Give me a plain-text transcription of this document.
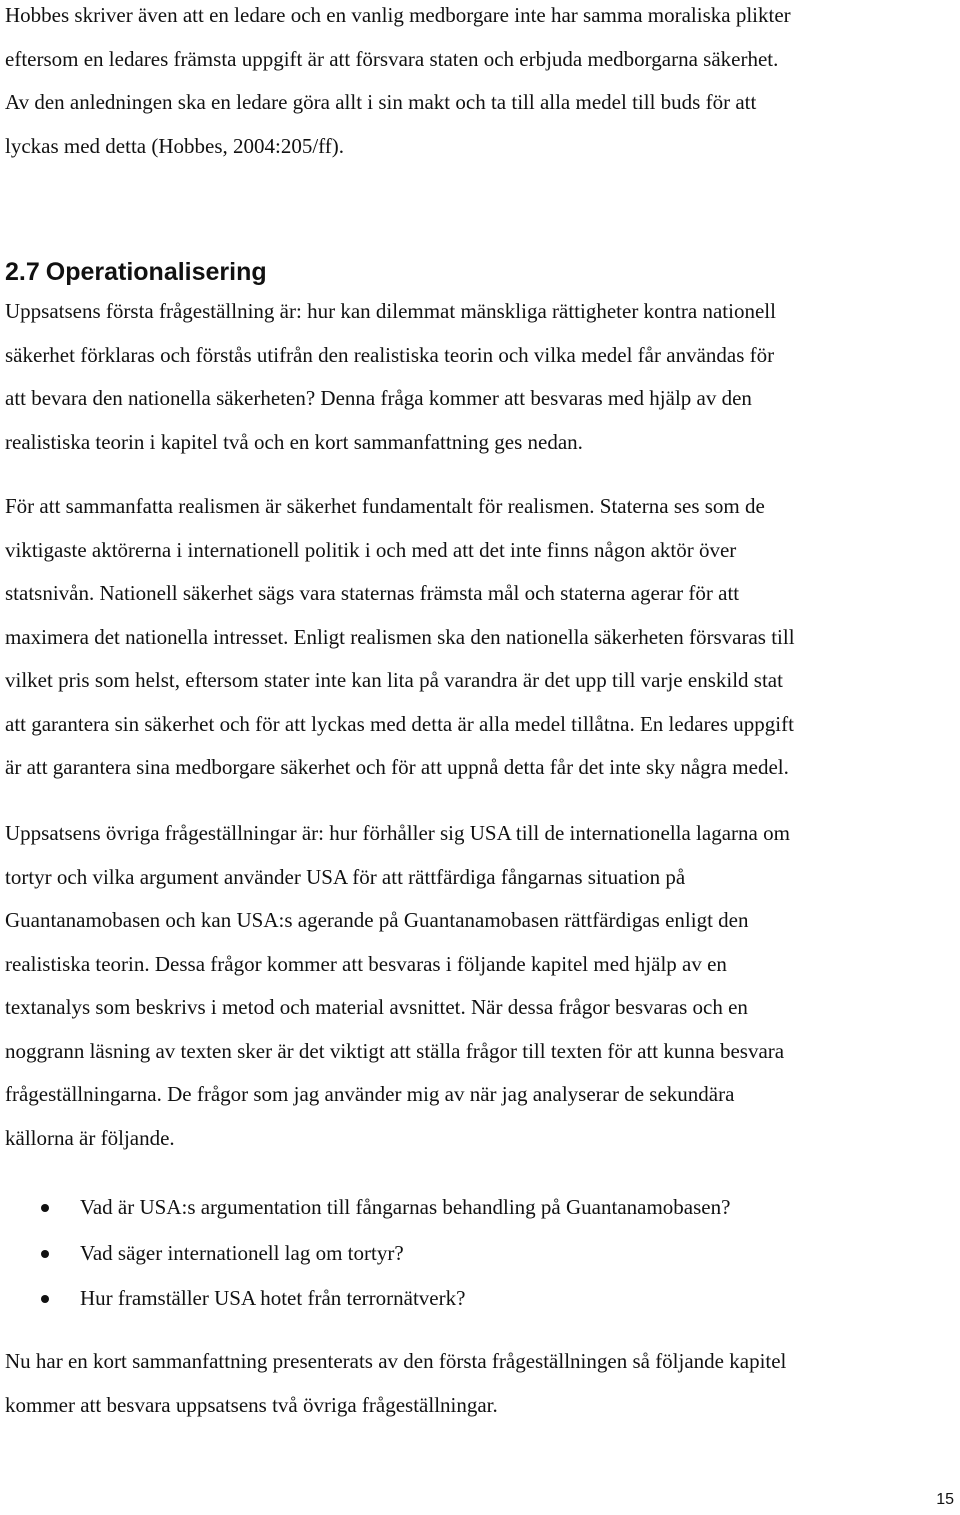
Hobbes skriver även att en ledare och en vanlig medborgare inte har samma moraliska plikter
eftersom en ledares främsta uppgift är att försvara staten och erbjuda medborgarna säkerhet.
Av den anledningen ska en ledare göra allt i sin makt och ta till alla medel till buds för att
lyckas med detta (Hobbes, 2004:205/ff).

2.7 Operationalisering

Uppsatsens första frågeställning är: hur kan dilemmat mänskliga rättigheter kontra nationell
säkerhet förklaras och förstås utifrån den realistiska teorin och vilka medel får användas för
att bevara den nationella säkerheten? Denna fråga kommer att besvaras med hjälp av den
realistiska teorin i kapitel två och en kort sammanfattning ges nedan.

För att sammanfatta realismen är säkerhet fundamentalt för realismen. Staterna ses som de
viktigaste aktörerna i internationell politik i och med att det inte finns någon aktör över
statsnivån. Nationell säkerhet sägs vara staternas främsta mål och staterna agerar för att
maximera det nationella intresset. Enligt realismen ska den nationella säkerheten försvaras till
vilket pris som helst, eftersom stater inte kan lita på varandra är det upp till varje enskild stat
att garantera sin säkerhet och för att lyckas med detta är alla medel tillåtna. En ledares uppgift
är att garantera sina medborgare säkerhet och för att uppnå detta får det inte sky några medel.

Uppsatsens övriga frågeställningar är: hur förhåller sig USA till de internationella lagarna om
tortyr och vilka argument använder USA för att rättfärdiga fångarnas situation på
Guantanamobasen och kan USA:s agerande på Guantanamobasen rättfärdigas enligt den
realistiska teorin. Dessa frågor kommer att besvaras i följande kapitel med hjälp av en
textanalys som beskrivs i metod och material avsnittet. När dessa frågor besvaras och en
noggrann läsning av texten sker är det viktigt att ställa frågor till texten för att kunna besvara
frågeställningarna. De frågor som jag använder mig av när jag analyserar de sekundära
källorna är följande.

Vad är USA:s argumentation till fångarnas behandling på Guantanamobasen?
Vad säger internationell lag om tortyr?
Hur framställer USA hotet från terrornätverk?

Nu har en kort sammanfattning presenterats av den första frågeställningen så följande kapitel
kommer att besvara uppsatsens två övriga frågeställningar.

15
